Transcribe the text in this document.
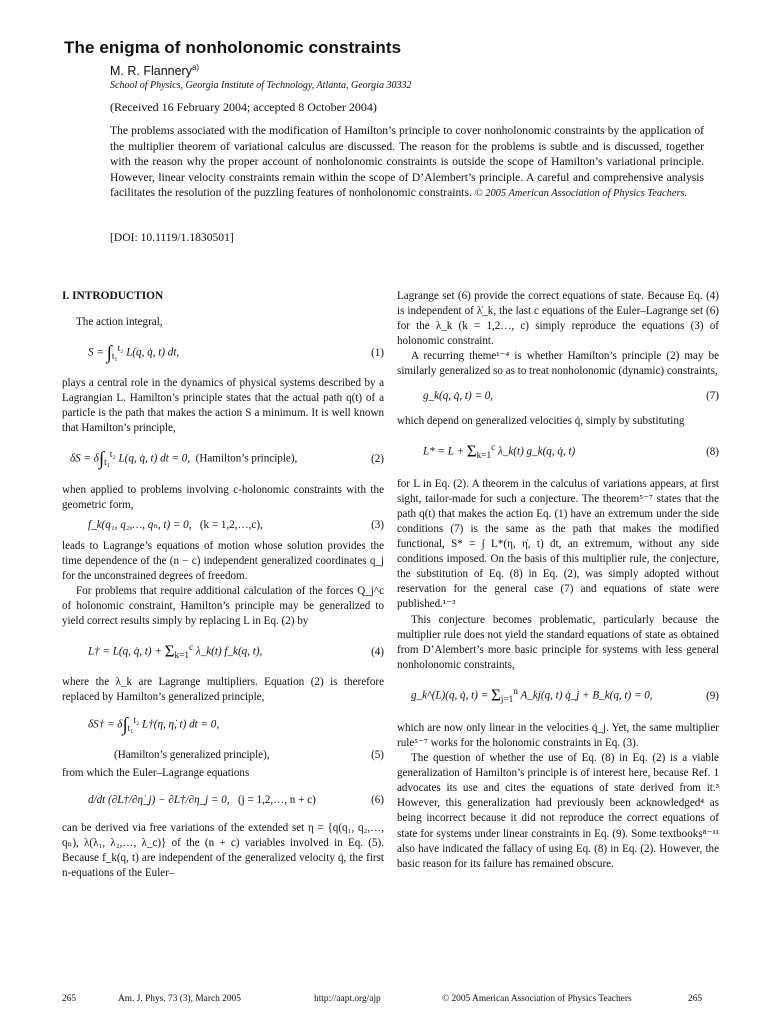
The enigma of nonholonomic constraints
M. R. Flannery$^{a)}$
School of Physics, Georgia Institute of Technology, Atlanta, Georgia 30332
(Received 16 February 2004; accepted 8 October 2004)
The problems associated with the modification of Hamilton’s principle to cover nonholonomic constraints by the application of the multiplier theorem of variational calculus are discussed. The reason for the problems is subtle and is discussed, together with the reason why the proper account of nonholonomic constraints is outside the scope of Hamilton’s variational principle. However, linear velocity constraints remain within the scope of D’Alembert’s principle. A careful and comprehensive analysis facilitates the resolution of the puzzling features of nonholonomic constraints. © 2005 American Association of Physics Teachers.
[DOI: 10.1119/1.1830501]

I. INTRODUCTION

The action integral,

$S = \int_{t_1}^{t_2}$ L(q, q̇, t) dt,	(1)

plays a central role in the dynamics of physical systems described by a Lagrangian L. Hamilton’s principle states that the actual path q(t) of a particle is the path that makes the action S a minimum. It is well known that Hamilton’s principle,

$\delta S = \delta\int_{t_1}^{t_2}$ L(q, q̇, t) dt = 0, (Hamilton’s principle),	(2)

when applied to problems involving c-holonomic constraints with the geometric form,

f_k(q₁, q₂,…, qₙ, t) = 0, (k = 1,2,…,c),	(3)

leads to Lagrange’s equations of motion whose solution provides the time dependence of the (n − c) independent generalized coordinates q_j for the unconstrained degrees of freedom.

For problems that require additional calculation of the forces Q_j^c of holonomic constraint, Hamilton’s principle may be generalized to yield correct results simply by replacing L in Eq. (2) by

L† = L(q, q̇, $t) + \Sigma_{k=1}^c$ λ_k(t) f_k(q, t),	(4)

where the λ_k are Lagrange multipliers. Equation (2) is therefore replaced by Hamilton’s generalized principle,

δS† = $\delta\int_{t_1}^{t_2}$ L†(η, η̇, t) dt = 0,
(Hamilton’s generalized principle),	(5)

from which the Euler–Lagrange equations

d/dt (∂L†/∂η̇_j) − ∂L†/∂η_j = 0, (j = 1,2,…, n + c)	(6)

can be derived via free variations of the extended set η = {q(q₁, q₂,…, qₙ), λ(λ₁, λ₂,…, λ_c)} of the (n + c) variables involved in Eq. (5). Because f_k(q, t) are independent of the generalized velocity q̇, the first n-equations of the Euler–

Lagrange set (6) provide the correct equations of state. Because Eq. (4) is independent of λ̇_k, the last c equations of the Euler–Lagrange set (6) for the λ_k (k = 1,2…, c) simply reproduce the equations (3) of holonomic constraint.

A recurring theme¹⁻⁴ is whether Hamilton’s principle (2) may be similarly generalized so as to treat nonholonomic (dynamic) constraints,

g_k(q, q̇, t) = 0,	(7)

which depend on generalized velocities q̇, simply by substituting

$L* = L + \Sigma_{k=1}^c$ λ_k(t) g_k(q, q̇, t)	(8)

for L in Eq. (2). A theorem in the calculus of variations appears, at first sight, tailor-made for such a conjecture. The theorem⁵⁻⁷ states that the path q(t) that makes the action Eq. (1) have an extremum under the side conditions (7) is the same as the path that makes the modified functional, S* = ∫ L*(η, η̇, t) dt, an extremum, without any side conditions imposed. On the basis of this multiplier rule, the conjecture, the substitution of Eq. (8) in Eq. (2), was simply adopted without reservation for the general case (7) and equations of state were published.¹⁻³

This conjecture becomes problematic, particularly because the multiplier rule does not yield the standard equations of state as obtained from D’Alembert’s more basic principle for systems with less general nonholonomic constraints,

g_k^(L)(q, q̇, $t) = \Sigma_{j=1}^n$ A_kj(q, t) q̇_j + B_k(q, t) = 0,	(9)

which are now only linear in the velocities q̇_j. Yet, the same multiplier rule⁵⁻⁷ works for the holonomic constraints in Eq. (3).

The question of whether the use of Eq. (8) in Eq. (2) is a viable generalization of Hamilton’s principle is of interest here, because Ref. 1 advocates its use and cites the equations of state derived from it.³ However, this generalization had previously been acknowledged⁴ as being incorrect because it did not reproduce the correct equations of state for systems under linear constraints in Eq. (9). Some textbooks⁸⁻¹¹ also have indicated the fallacy of using Eq. (8) in Eq. (2). However, the basic reason for its failure has remained obscure.

265	Am. J. Phys. 73 (3), March 2005	http://aapt.org/ajp	© 2005 American Association of Physics Teachers	265
